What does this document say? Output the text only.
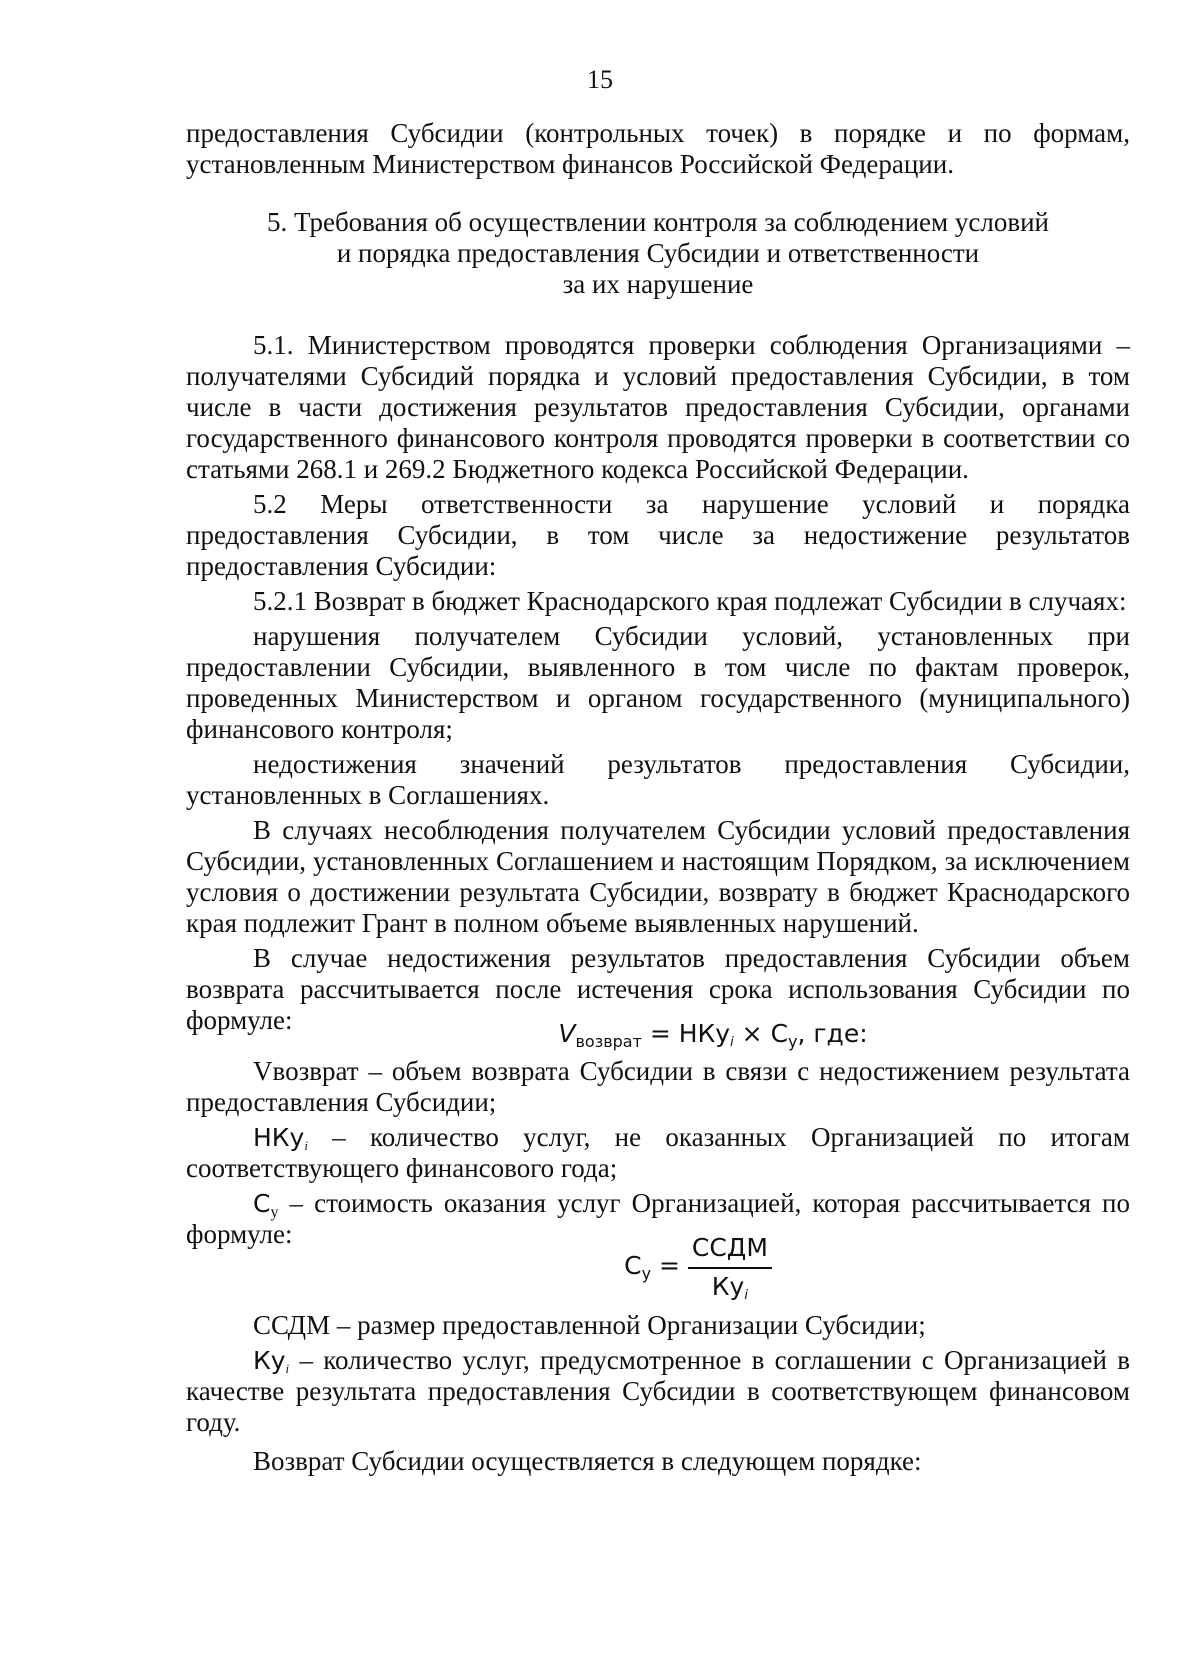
15

предоставления Субсидии (контрольных точек) в порядке и по формам, установленным Министерством финансов Российской Федерации.

5. Требования об осуществлении контроля за соблюдением условий

и порядка предоставления Субсидии и ответственности

за их нарушение

5.1. Министерством проводятся проверки соблюдения Организациями – получателями Субсидий порядка и условий предоставления Субсидии, в том числе в части достижения результатов предоставления Субсидии, органами государственного финансового контроля проводятся проверки в соответствии со статьями 268.1 и 269.2 Бюджетного кодекса Российской Федерации.

5.2 Меры ответственности за нарушение условий и порядка предоставления Субсидии, в том числе за недостижение результатов предоставления Субсидии:

5.2.1 Возврат в бюджет Краснодарского края подлежат Субсидии в случаях:

нарушения получателем Субсидии условий, установленных при предоставлении Субсидии, выявленного в том числе по фактам проверок, проведенных Министерством и органом государственного (муниципального) финансового контроля;

недостижения значений результатов предоставления Субсидии, установленных в Соглашениях.

В случаях несоблюдения получателем Субсидии условий предоставления Субсидии, установленных Соглашением и настоящим Порядком, за исключением условия о достижении результата Субсидии, возврату в бюджет Краснодарского края подлежит Грант в полном объеме выявленных нарушений.

В случае недостижения результатов предоставления Субсидии объем возврата рассчитывается после истечения срока использования Субсидии по формуле:	$V_{возврат} = НКу_i \times С_у$, где:

Vвозврат – объем возврата Субсидии в связи с недостижением результата предоставления Субсидии;

НКу$_i$ – количество услуг, не оказанных Организацией по итогам соответствующего финансового года;

$С_у$ – стоимость оказания услуг Организацией, которая рассчитывается по формуле:

$С_у = \frac{\text{ССДМ}}{Ку_i}$

ССДМ – размер предоставленной Организации Субсидии;

$Ку_i$ – количество услуг, предусмотренное в соглашении с Организацией в качестве результата предоставления Субсидии в соответствующем финансовом году.

Возврат Субсидии осуществляется в следующем порядке:
